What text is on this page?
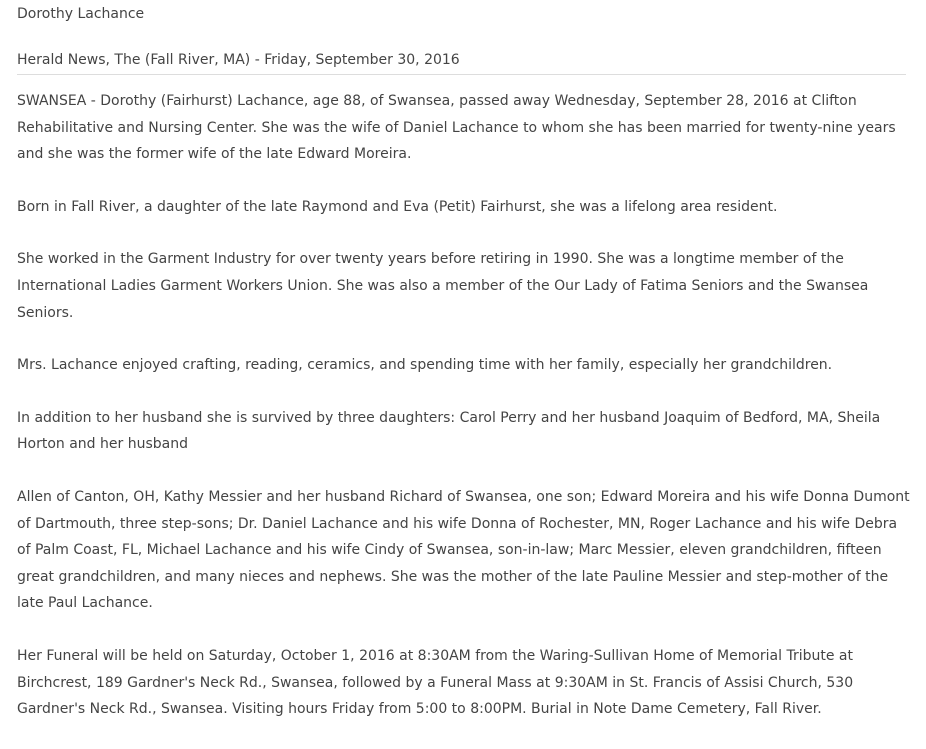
Dorothy Lachance
Herald News, The (Fall River, MA) - Friday, September 30, 2016

SWANSEA - Dorothy (Fairhurst) Lachance, age 88, of Swansea, passed away Wednesday, September 28, 2016 at Clifton Rehabilitative and Nursing Center. She was the wife of Daniel Lachance to whom she has been married for twenty-nine years and she was the former wife of the late Edward Moreira.

Born in Fall River, a daughter of the late Raymond and Eva (Petit) Fairhurst, she was a lifelong area resident.

She worked in the Garment Industry for over twenty years before retiring in 1990. She was a longtime member of the International Ladies Garment Workers Union. She was also a member of the Our Lady of Fatima Seniors and the Swansea Seniors.

Mrs. Lachance enjoyed crafting, reading, ceramics, and spending time with her family, especially her grandchildren.

In addition to her husband she is survived by three daughters: Carol Perry and her husband Joaquim of Bedford, MA, Sheila Horton and her husband

Allen of Canton, OH, Kathy Messier and her husband Richard of Swansea, one son; Edward Moreira and his wife Donna Dumont of Dartmouth, three step-sons; Dr. Daniel Lachance and his wife Donna of Rochester, MN, Roger Lachance and his wife Debra of Palm Coast, FL, Michael Lachance and his wife Cindy of Swansea, son-in-law; Marc Messier, eleven grandchildren, fifteen great grandchildren, and many nieces and nephews. She was the mother of the late Pauline Messier and step-mother of the late Paul Lachance.

Her Funeral will be held on Saturday, October 1, 2016 at 8:30AM from the Waring-Sullivan Home of Memorial Tribute at Birchcrest, 189 Gardner's Neck Rd., Swansea, followed by a Funeral Mass at 9:30AM in St. Francis of Assisi Church, 530 Gardner's Neck Rd., Swansea. Visiting hours Friday from 5:00 to 8:00PM. Burial in Note Dame Cemetery, Fall River.
